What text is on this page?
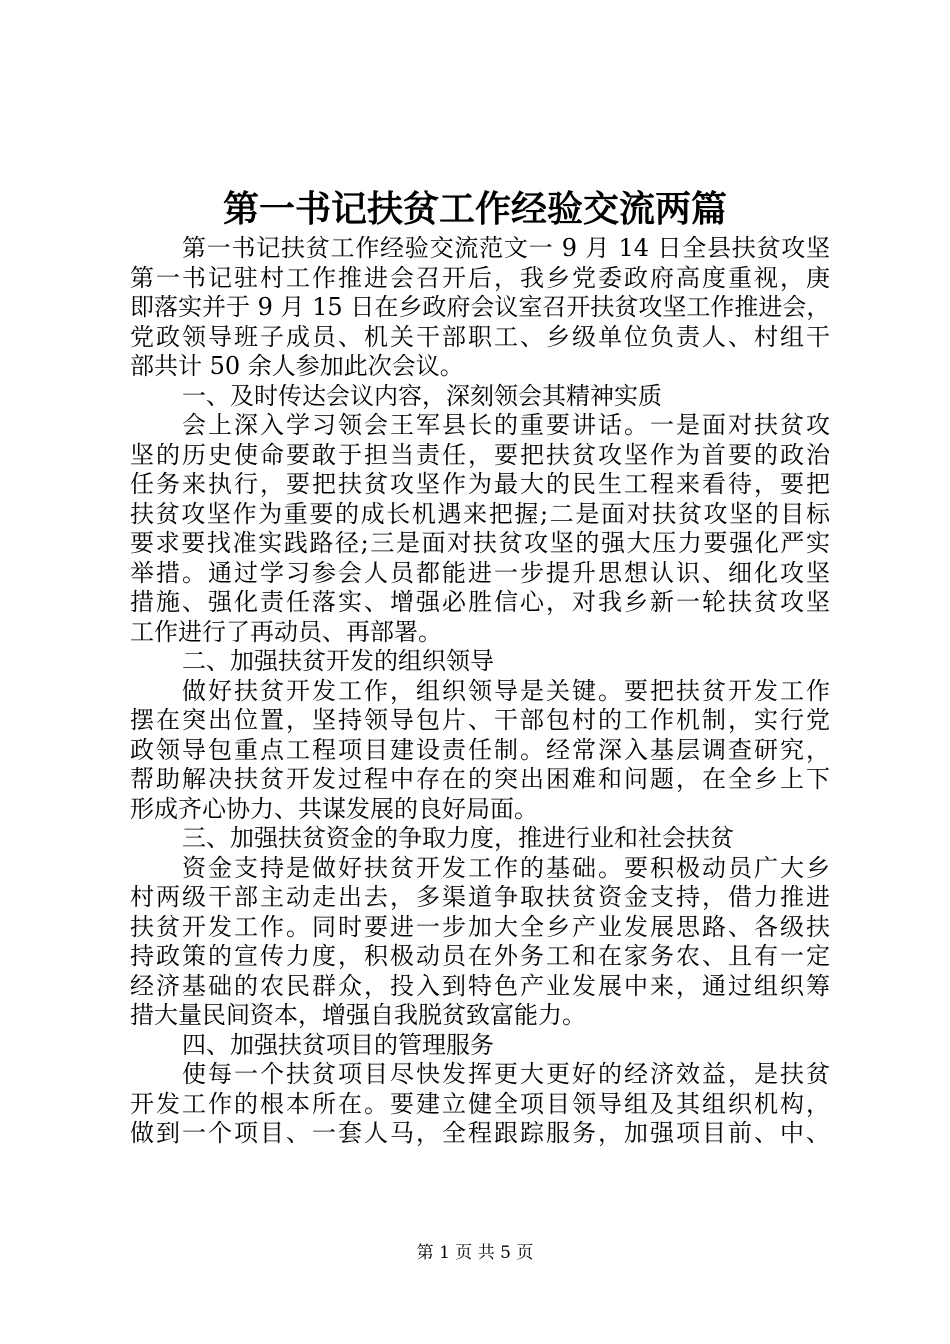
第一书记扶贫工作经验交流两篇
第一书记扶贫工作经验交流范文一 9 月 14 日全县扶贫攻坚
第一书记驻村工作推进会召开后，我乡党委政府高度重视，庚
即落实并于 9 月 15 日在乡政府会议室召开扶贫攻坚工作推进会，
党政领导班子成员、机关干部职工、乡级单位负责人、村组干
部共计 50 余人参加此次会议。
一、及时传达会议内容，深刻领会其精神实质
会上深入学习领会王军县长的重要讲话。一是面对扶贫攻
坚的历史使命要敢于担当责任，要把扶贫攻坚作为首要的政治
任务来执行，要把扶贫攻坚作为最大的民生工程来看待，要把
扶贫攻坚作为重要的成长机遇来把握;二是面对扶贫攻坚的目标
要求要找准实践路径;三是面对扶贫攻坚的强大压力要强化严实
举措。通过学习参会人员都能进一步提升思想认识、细化攻坚
措施、强化责任落实、增强必胜信心，对我乡新一轮扶贫攻坚
工作进行了再动员、再部署。
二、加强扶贫开发的组织领导
做好扶贫开发工作，组织领导是关键。要把扶贫开发工作
摆在突出位置，坚持领导包片、干部包村的工作机制，实行党
政领导包重点工程项目建设责任制。经常深入基层调查研究，
帮助解决扶贫开发过程中存在的突出困难和问题，在全乡上下
形成齐心协力、共谋发展的良好局面。
三、加强扶贫资金的争取力度，推进行业和社会扶贫
资金支持是做好扶贫开发工作的基础。要积极动员广大乡
村两级干部主动走出去，多渠道争取扶贫资金支持，借力推进
扶贫开发工作。同时要进一步加大全乡产业发展思路、各级扶
持政策的宣传力度，积极动员在外务工和在家务农、且有一定
经济基础的农民群众，投入到特色产业发展中来，通过组织筹
措大量民间资本，增强自我脱贫致富能力。
四、加强扶贫项目的管理服务
使每一个扶贫项目尽快发挥更大更好的经济效益，是扶贫
开发工作的根本所在。要建立健全项目领导组及其组织机构，
做到一个项目、一套人马，全程跟踪服务，加强项目前、中、
第 1 页 共 5 页
